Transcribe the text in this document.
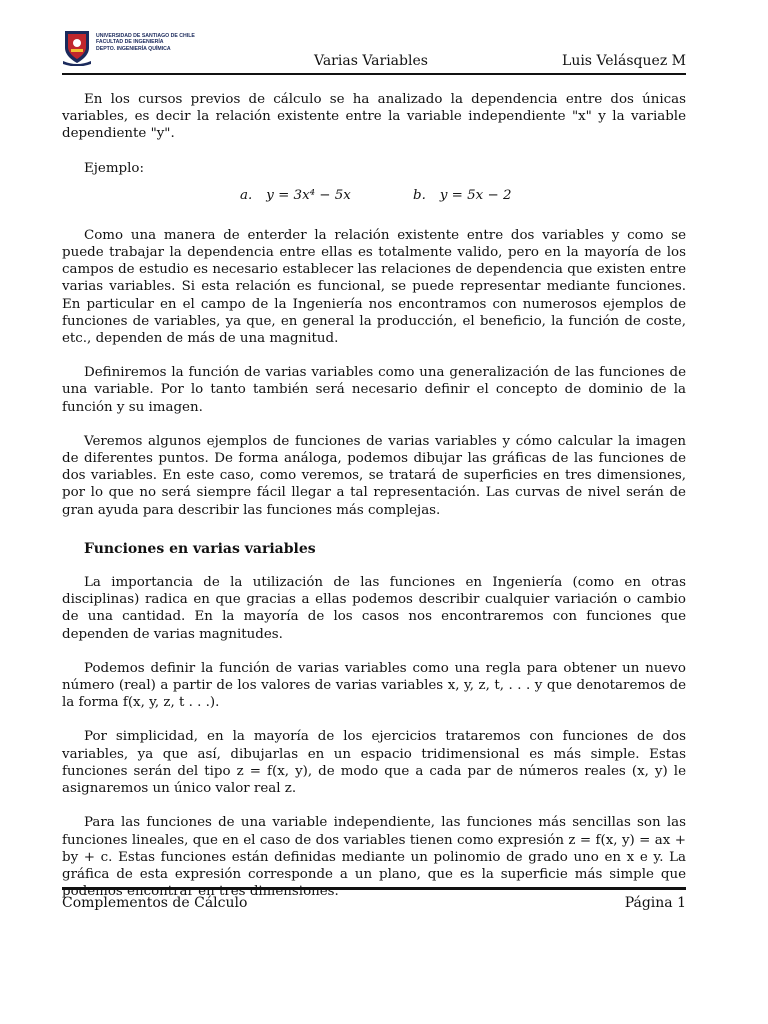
UNIVERSIDAD DE SANTIAGO DE CHILE
FACULTAD DE INGENIERÍA
DEPTO. INGENIERÍA QUÍMICA
Varias Variables	Luis Velásquez M

En los cursos previos de cálculo se ha analizado la dependencia entre dos únicas variables, es decir la relación existente entre la variable independiente "x" y la variable dependiente "y".

Ejemplo:

a. y = 3x⁴ − 5x	b. y = 5x − 2

Como una manera de enterder la relación existente entre dos variables y como se puede trabajar la dependencia entre ellas es totalmente valido, pero en la mayoría de los campos de estudio es necesario establecer las relaciones de dependencia que existen entre varias variables. Si esta relación es funcional, se puede representar mediante funciones. En particular en el campo de la Ingeniería nos encontramos con numerosos ejemplos de funciones de variables, ya que, en general la producción, el beneficio, la función de coste, etc., dependen de más de una magnitud.

Definiremos la función de varias variables como una generalización de las funciones de una variable. Por lo tanto también será necesario definir el concepto de dominio de la función y su imagen.

Veremos algunos ejemplos de funciones de varias variables y cómo calcular la imagen de diferentes puntos. De forma análoga, podemos dibujar las gráficas de las funciones de dos variables. En este caso, como veremos, se tratará de superficies en tres dimensiones, por lo que no será siempre fácil llegar a tal representación. Las curvas de nivel serán de gran ayuda para describir las funciones más complejas.

Funciones en varias variables

La importancia de la utilización de las funciones en Ingeniería (como en otras disciplinas) radica en que gracias a ellas podemos describir cualquier variación o cambio de una cantidad. En la mayoría de los casos nos encontraremos con funciones que dependen de varias magnitudes.

Podemos definir la función de varias variables como una regla para obtener un nuevo número (real) a partir de los valores de varias variables x, y, z, t, . . . y que denotaremos de la forma f(x, y, z, t . . .).

Por simplicidad, en la mayoría de los ejercicios trataremos con funciones de dos variables, ya que así, dibujarlas en un espacio tridimensional es más simple. Estas funciones serán del tipo z = f(x, y), de modo que a cada par de números reales (x, y) le asignaremos un único valor real z.

Para las funciones de una variable independiente, las funciones más sencillas son las funciones lineales, que en el caso de dos variables tienen como expresión z = f(x, y) = ax + by + c. Estas funciones están definidas mediante un polinomio de grado uno en x e y. La gráfica de esta expresión corresponde a un plano, que es la superficie más simple que podemos encontrar en tres dimensiones.

Complementos de Cálculo	Página 1
